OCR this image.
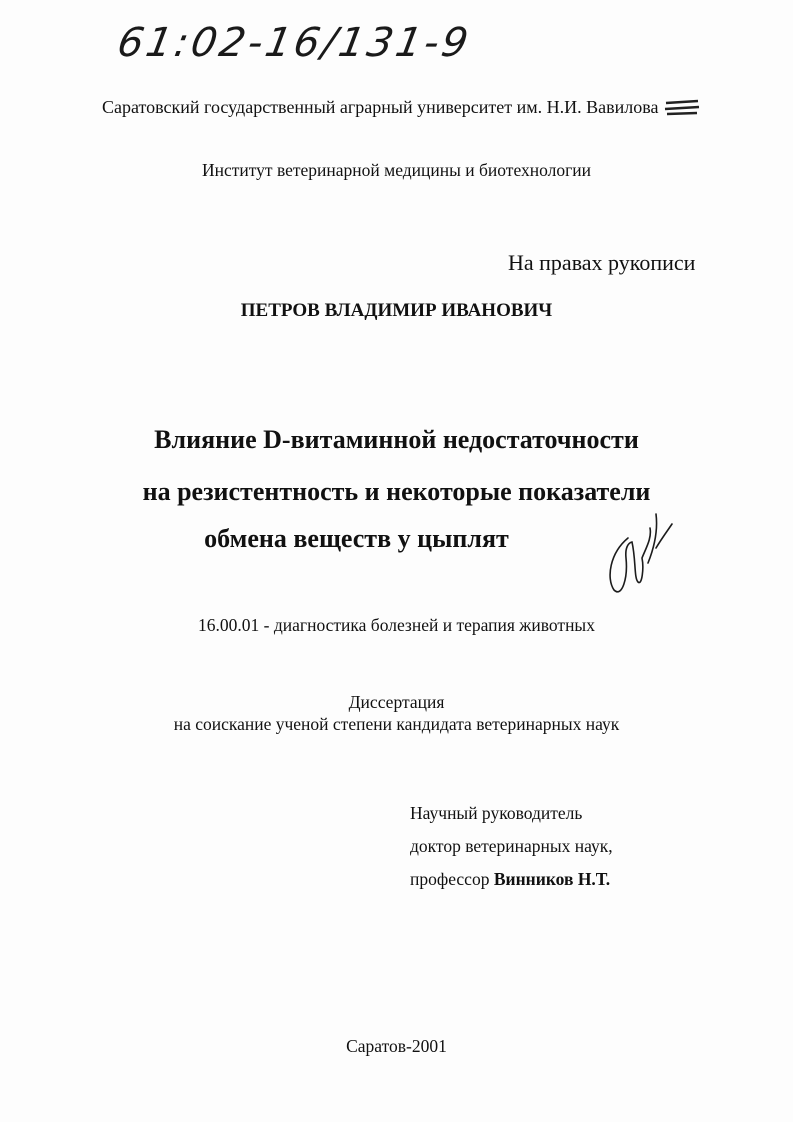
61:02-16/131-9
Саратовский государственный аграрный университет им. Н.И. Вавилова
Институт ветеринарной медицины и биотехнологии
На правах рукописи
ПЕТРОВ ВЛАДИМИР ИВАНОВИЧ
Влияние D-витаминной недостаточности
на резистентность и некоторые показатели
обмена веществ у цыплят
16.00.01 - диагностика болезней и терапия животных
Диссертация
на соискание ученой степени кандидата ветеринарных наук
Научный руководитель
доктор ветеринарных наук,
профессор Винников Н.Т.
Саратов-2001
